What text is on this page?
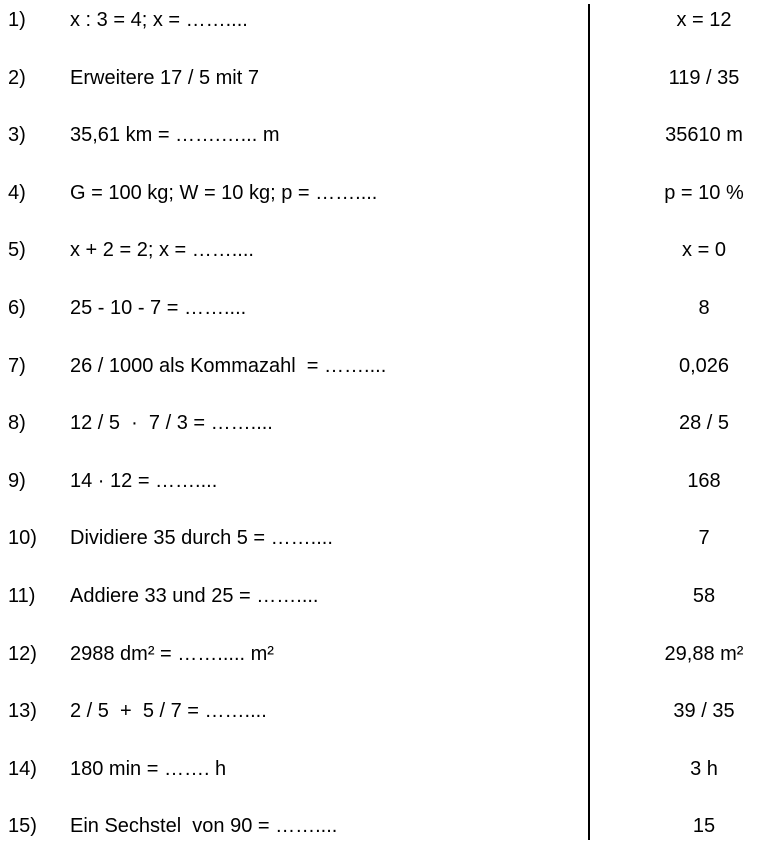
1)	x : 3 = 4; x = ……....	x = 12
2)	Erweitere 17 / 5 mit 7	119 / 35
3)	35,61 km = …….…... m	35610 m
4)	G = 100 kg; W = 10 kg; p = ……....	p = 10 %
5)	x + 2 = 2; x = ……....	x = 0
6)	25 - 10 - 7 = ……....	8
7)	26 / 1000 als Kommazahl  = ……....	0,026
8)	12 / 5  ·  7 / 3 = ……....	28 / 5
9)	14 · 12 = ……....	168
10)	Dividiere 35 durch 5 = ……....	7
11)	Addiere 33 und 25 = ……....	58
12)	2988 dm² = ……..... m²	29,88 m²
13)	2 / 5  +  5 / 7 = ……....	39 / 35
14)	180 min = ……. h	3 h
15)	Ein Sechstel  von 90 = ……....	15
